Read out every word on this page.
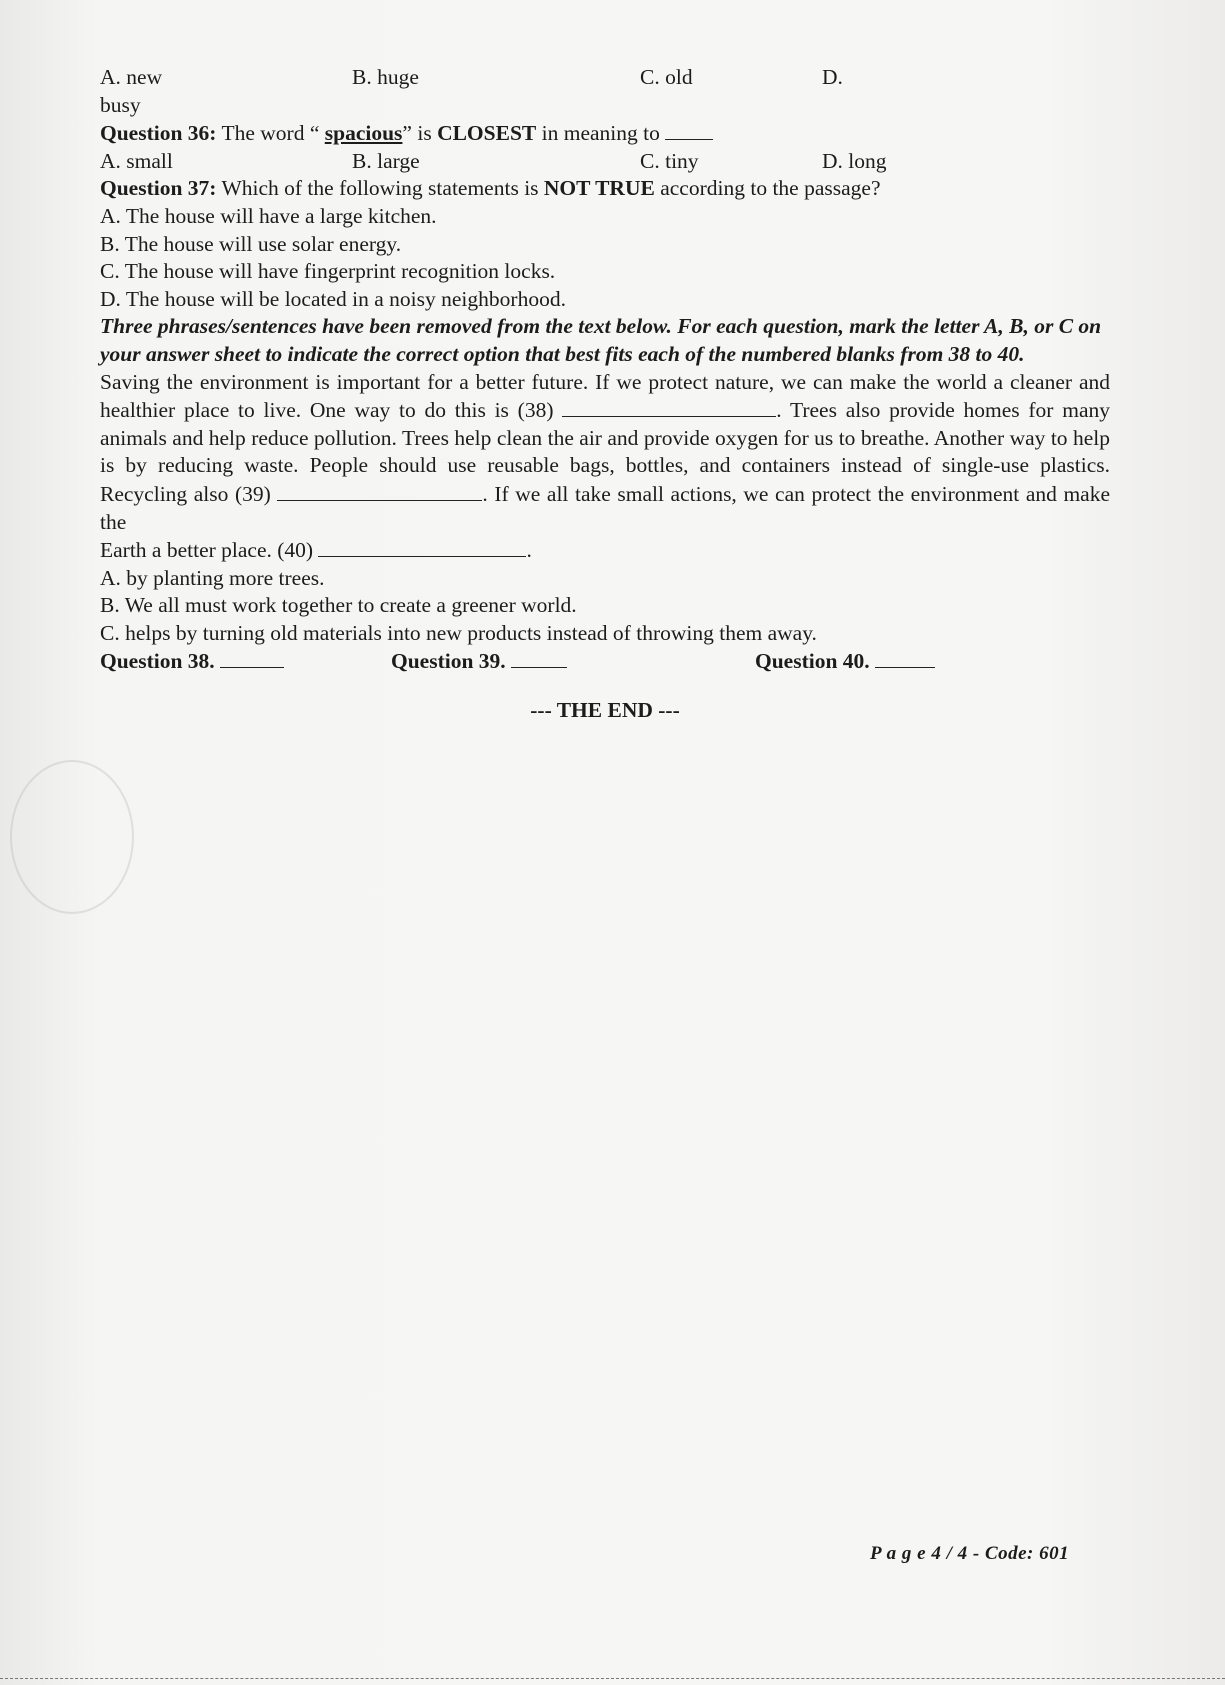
A. new	B. huge	C. old	D.
busy
Question 36: The word “ spacious” is CLOSEST in meaning to
A. small	B. large	C. tiny	D. long
Question 37: Which of the following statements is NOT TRUE according to the passage?
A. The house will have a large kitchen.
B. The house will use solar energy.
C. The house will have fingerprint recognition locks.
D. The house will be located in a noisy neighborhood.
Three phrases/sentences have been removed from the text below. For each question, mark the letter A, B, or C on your answer sheet to indicate the correct option that best fits each of the numbered blanks from 38 to 40.
Saving the environment is important for a better future. If we protect nature, we can make the world a cleaner and healthier place to live. One way to do this is (38)	. Trees also provide homes for many animals and help reduce pollution. Trees help clean the air and provide oxygen for us to breathe. Another way to help is by reducing waste. People should use reusable bags, bottles, and containers instead of single-use plastics. Recycling also (39)	. If we all take small actions, we can protect the environment and make the
Earth a better place. (40)	.
A. by planting more trees.
B. We all must work together to create a greener world.
C. helps by turning old materials into new products instead of throwing them away.
Question 38.	Question 39.	Question 40.
--- THE END ---
P a g e 4 / 4 - Code: 601
